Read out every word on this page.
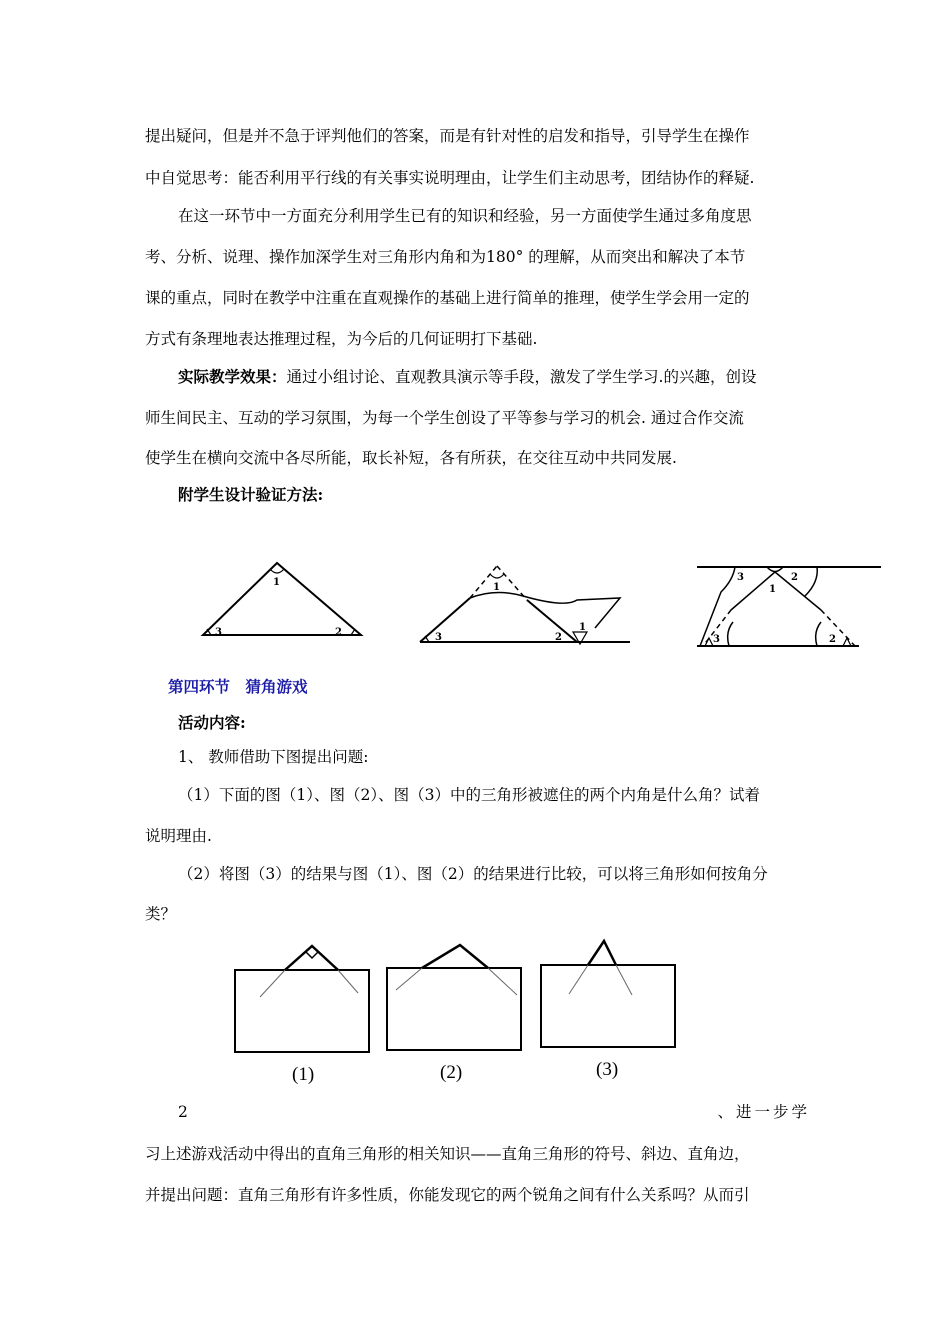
提出疑问，但是并不急于评判他们的答案，而是有针对性的启发和指导，引导学生在操作
中自觉思考：能否利用平行线的有关事实说明理由，让学生们主动思考，团结协作的释疑.
在这一环节中一方面充分利用学生已有的知识和经验，另一方面使学生通过多角度思
考、分析、说理、操作加深学生对三角形内角和为180° 的理解，从而突出和解决了本节
课的重点，同时在教学中注重在直观操作的基础上进行简单的推理，使学生学会用一定的
方式有条理地表达推理过程，为今后的几何证明打下基础.
实际教学效果：通过小组讨论、直观教具演示等手段，激发了学生学习.的兴趣，创设
师生间民主、互动的学习氛围，为每一个学生创设了平等参与学习的机会. 通过合作交流
使学生在横向交流中各尽所能，取长补短，各有所获，在交往互动中共同发展.
附学生设计验证方法:
1
3	2
1
3	2
1
3	2
1
3	2
第四环节　猜角游戏
活动内容:
1、 教师借助下图提出问题:
（1）下面的图（1）、图（2）、图（3）中的三角形被遮住的两个内角是什么角？试着
说明理由.
（2）将图（3）的结果与图（1）、图（2）的结果进行比较，可以将三角形如何按角分
类？
(1)	(2)	(3)
2	、进一步学
习上述游戏活动中得出的直角三角形的相关知识——直角三角形的符号、斜边、直角边，
并提出问题：直角三角形有许多性质，你能发现它的两个锐角之间有什么关系吗？从而引
